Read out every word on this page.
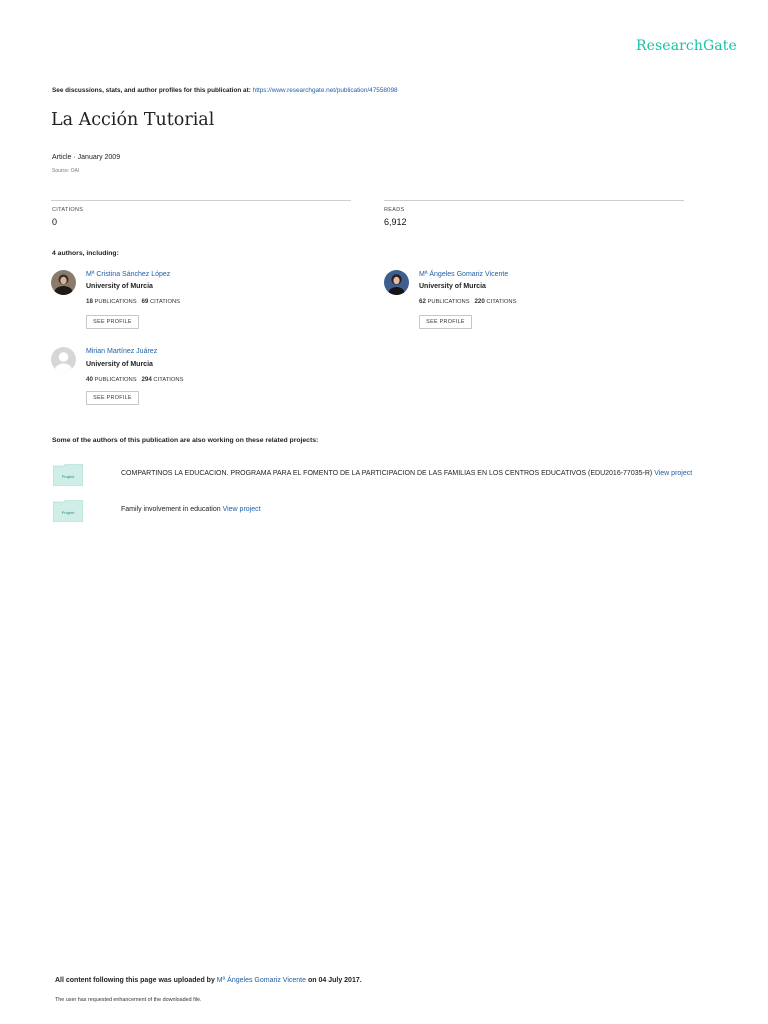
ResearchGate
See discussions, stats, and author profiles for this publication at: https://www.researchgate.net/publication/47558098
La Acción Tutorial
Article · January 2009
Source: OAI
CITATIONS
0
READS
6,912
4 authors, including:
Mª Cristina Sánchez López
University of Murcia
18 PUBLICATIONS 69 CITATIONS
SEE PROFILE
Mª Ángeles Gomariz Vicente
University of Murcia
62 PUBLICATIONS 220 CITATIONS
SEE PROFILE
Mirian Martínez Juárez
University of Murcia
40 PUBLICATIONS 294 CITATIONS
SEE PROFILE
Some of the authors of this publication are also working on these related projects:
Project	COMPARTINOS LA EDUCACION. PROGRAMA PARA EL FOMENTO DE LA PARTICIPACION DE LAS FAMILIAS EN LOS CENTROS EDUCATIVOS (EDU2016-77035-R) View project
Project	Family involvement in education View project
All content following this page was uploaded by Mª Ángeles Gomariz Vicente on 04 July 2017.
The user has requested enhancement of the downloaded file.
